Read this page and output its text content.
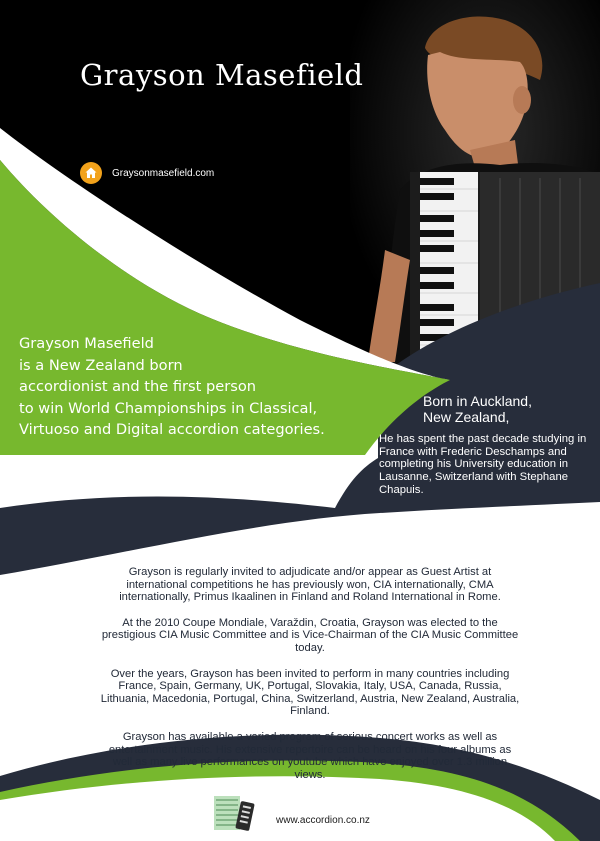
Grayson Masefield
Graysonmasefield.com

Grayson Masefield

is a New Zealand born

accordionist and the first person

to win World Championships in Classical,

Virtuoso and Digital accordion categories.

Born in Auckland,

New Zealand,

He has spent the past decade studying in France with Frederic Deschamps and completing his University education in Lausanne, Switzerland with Stephane Chapuis.

Grayson is regularly invited to adjudicate and/or appear as Guest Artist at international competitions he has previously won, CIA internationally, CMA internationally, Primus Ikaalinen in Finland and Roland International in Rome.

At the 2010 Coupe Mondiale, Varaždin, Croatia, Grayson was elected to the prestigious CIA Music Committee and is Vice-Chairman of the CIA Music Committee today.

Over the years, Grayson has been invited to perform in many countries including France, Spain, Germany, UK, Portugal, Slovakia, Italy, USA, Canada, Russia, Lithuania, Macedonia, Portugal, China, Switzerland, Austria, New Zealand, Australia, Finland.

Grayson has available a varied program of serious concert works as well as entertainment music. His extensive repertoire can be heard on his four albums as well as many live performances on youtube which have enjoyed over 1.3 million views.

www.accordion.co.nz
